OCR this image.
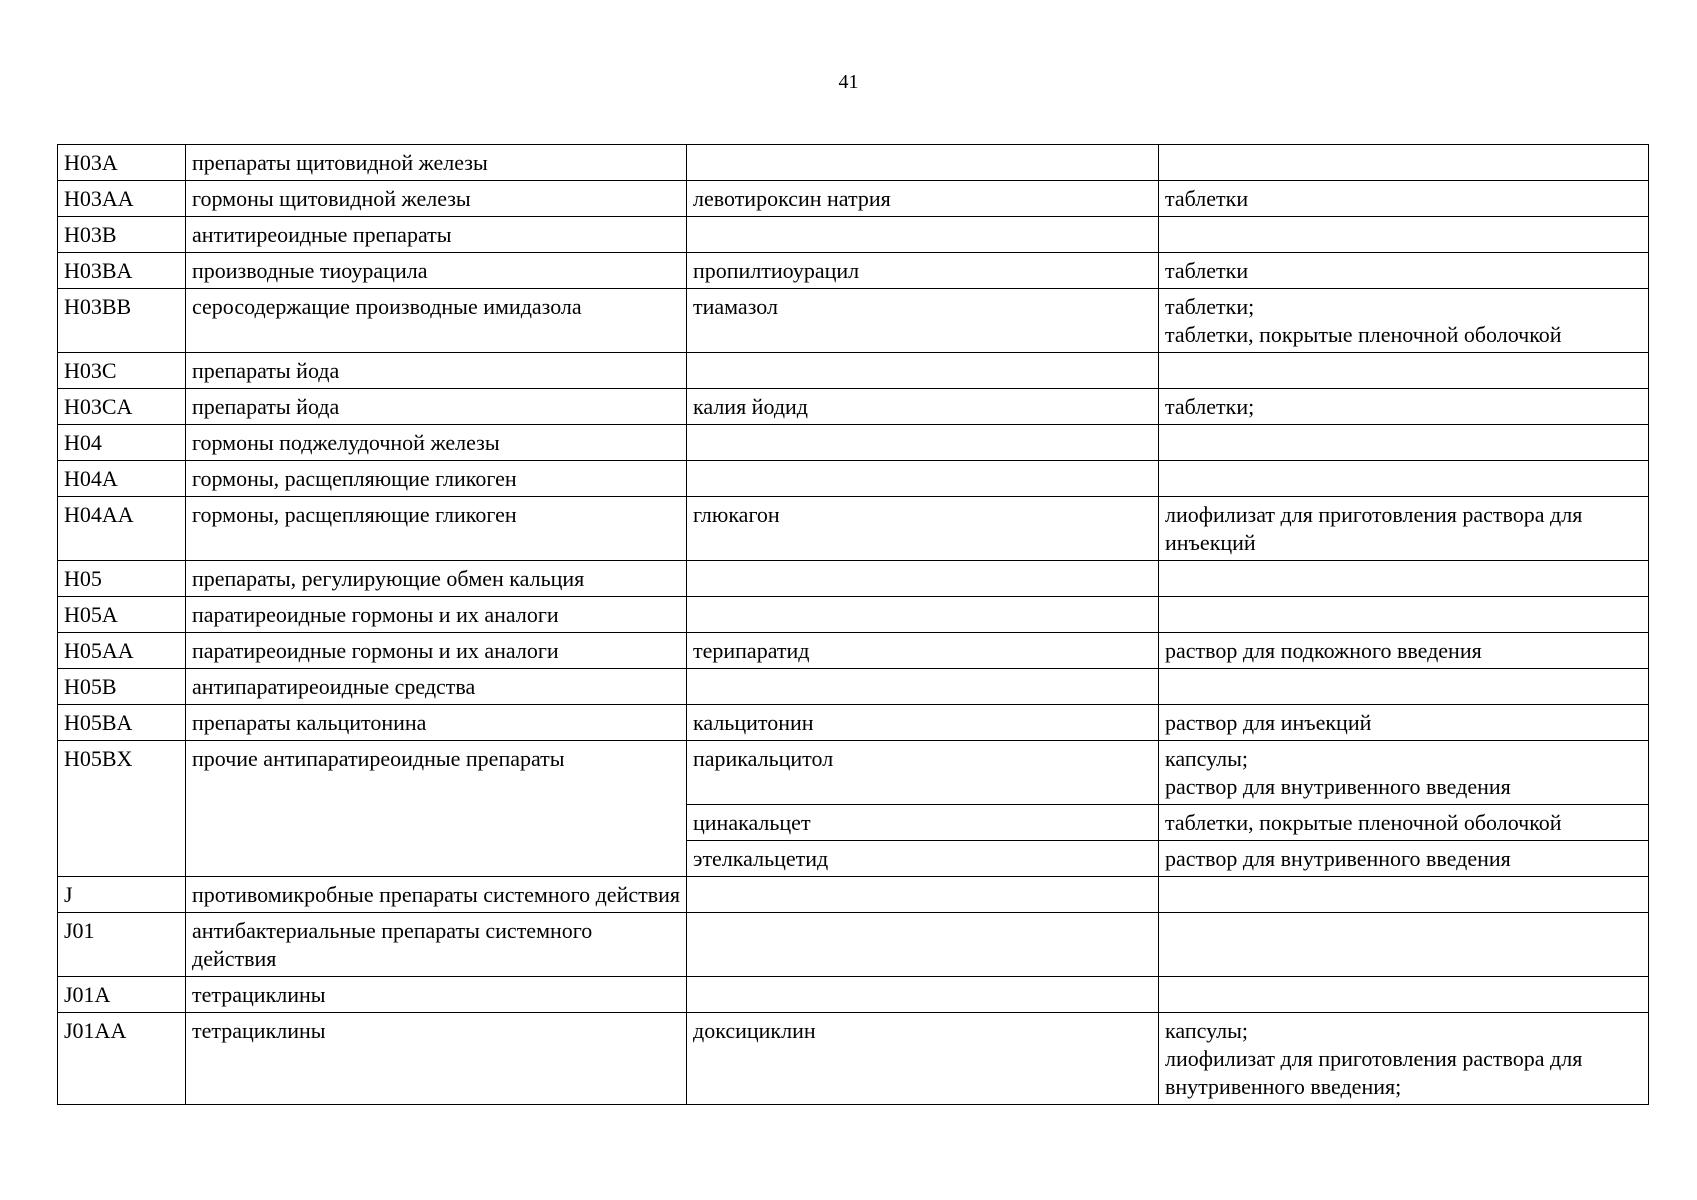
41
H03A	препараты щитовидной железы		
H03AA	гормоны щитовидной железы	левотироксин натрия	таблетки

H03B	антитиреоидные препараты		
H03BA	производные тиоурацила	пропилтиоурацил	таблетки

H03BB	серосодержащие производные имидазола	тиамазол	таблетки;
таблетки, покрытые пленочной оболочкой

H03C	препараты йода		
H03CA	препараты йода	калия йодид	таблетки;

H04	гормоны поджелудочной железы		
H04A	гормоны, расщепляющие гликоген		
H04AA	гормоны, расщепляющие гликоген	глюкагон	лиофилизат для приготовления раствора для инъекций

H05	препараты, регулирующие обмен кальция		
H05A	паратиреоидные гормоны и их аналоги		
H05AA	паратиреоидные гормоны и их аналоги	терипаратид	раствор для подкожного введения

H05B	антипаратиреоидные средства		
H05BA	препараты кальцитонина	кальцитонин	раствор для инъекций

H05BX	прочие антипаратиреоидные препараты	парикальцитол	капсулы;
раствор для внутривенного введения

		цинакальцет	таблетки, покрытые пленочной оболочкой

		этелкальцетид	раствор для внутривенного введения

J	противомикробные препараты системного действия		
J01	антибактериальные препараты системного действия		
J01A	тетрациклины		
J01AA	тетрациклины	доксициклин	капсулы;
лиофилизат для приготовления раствора для внутривенного введения;
